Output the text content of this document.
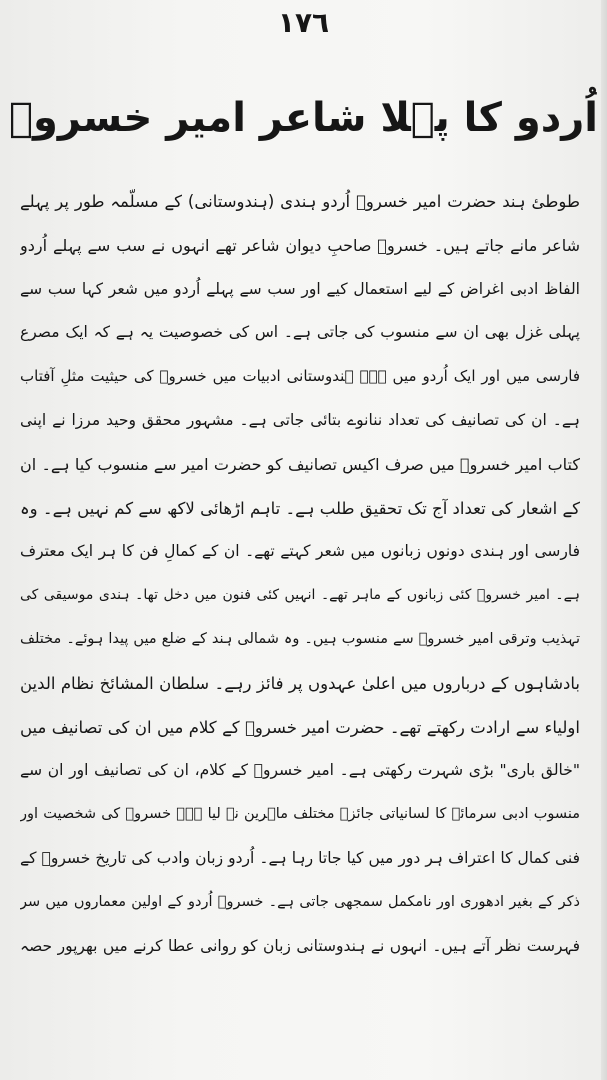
١٧٦
اُردو کا پہلا شاعر امیر خسروؔ
طوطئ ہند حضرت امیر خسروؔ اُردو ہندی (ہندوستانی) کے مسلّمہ طور پر پہلے
شاعر مانے جاتے ہیں۔ خسروؔ صاحبِ دیوان شاعر تھے انہوں نے سب سے پہلے اُردو
الفاظ ادبی اغراض کے لیے استعمال کیے اور سب سے پہلے اُردو میں شعر کہا سب سے
پہلی غزل بھی ان سے منسوب کی جاتی ہے۔ اس کی خصوصیت یہ ہے کہ ایک مصرع
فارسی میں اور ایک اُردو میں ہے۔ ہندوستانی ادبیات میں خسروؔ کی حیثیت مثلِ آفتاب
ہے۔ ان کی تصانیف کی تعداد ننانوے بتائی جاتی ہے۔ مشہور محقق وحید مرزا نے اپنی
کتاب امیر خسروؔ میں صرف اکیس تصانیف کو حضرت امیر سے منسوب کیا ہے۔ ان
کے اشعار کی تعداد آج تک تحقیق طلب ہے۔ تاہم اڑھائی لاکھ سے کم نہیں ہے۔ وہ
فارسی اور ہندی دونوں زبانوں میں شعر کہتے تھے۔ ان کے کمالِ فن کا ہر ایک معترف
ہے۔ امیر خسروؔ کئی زبانوں کے ماہر تھے۔ انہیں کئی فنون میں دخل تھا۔ ہندی موسیقی کی
تہذیب وترقی امیر خسروؔ سے منسوب ہیں۔ وہ شمالی ہند کے ضلع میں پیدا ہوئے۔ مختلف
بادشاہوں کے درباروں میں اعلیٰ عہدوں پر فائز رہے۔ سلطان المشائخ نظام الدین
اولیاء سے ارادت رکھتے تھے۔ حضرت امیر خسروؔ کے کلام میں ان کی تصانیف میں
"خالق باری" بڑی شہرت رکھتی ہے۔ امیر خسروؔ کے کلام، ان کی تصانیف اور ان سے
منسوب ادبی سرمائے کا لسانیاتی جائزہ مختلف ماہرین نے لیا ہے۔ خسروؔ کی شخصیت اور
فنی کمال کا اعتراف ہر دور میں کیا جاتا رہا ہے۔ اُردو زبان وادب کی تاریخ خسروؔ کے
ذکر کے بغیر ادھوری اور نامکمل سمجھی جاتی ہے۔ خسروؔ اُردو کے اولین معماروں میں سر
فہرست نظر آتے ہیں۔ انہوں نے ہندوستانی زبان کو روانی عطا کرنے میں بھرپور حصہ
